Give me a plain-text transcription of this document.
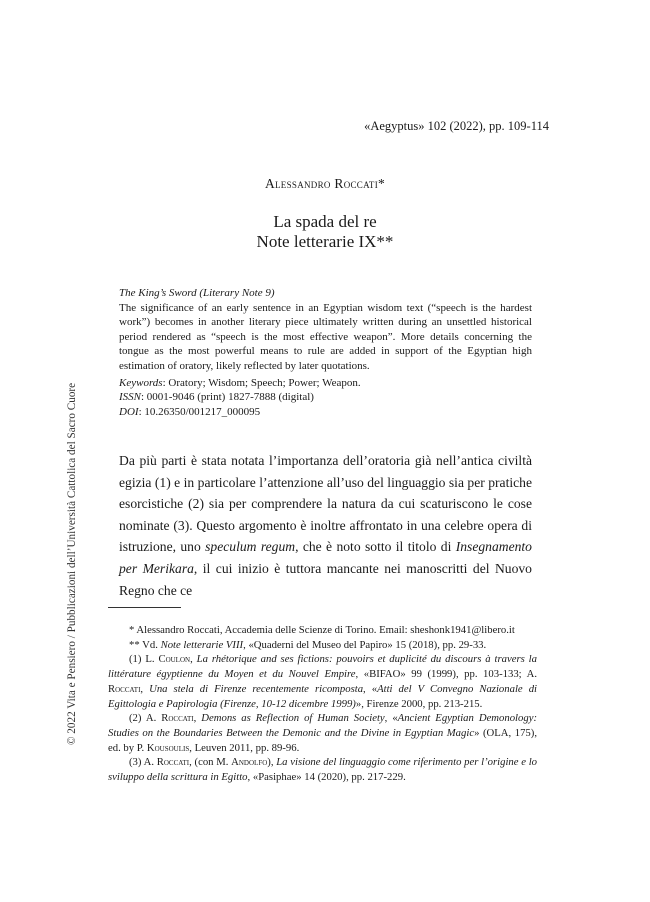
© 2022 Vita e Pensiero / Pubblicazioni dell’Università Cattolica del Sacro Cuore
«Aegyptus» 102 (2022), pp. 109-114
Alessandro Roccati*
La spada del re
Note letterarie IX**
The King’s Sword (Literary Note 9)
The significance of an early sentence in an Egyptian wisdom text (“speech is the hardest work”) becomes in another literary piece ultimately written during an unsettled historical period rendered as “speech is the most effective weapon”. More details concerning the tongue as the most powerful means to rule are added in support of the Egyptian high estimation of oratory, likely reflected by later quotations.
Keywords: Oratory; Wisdom; Speech; Power; Weapon.
ISSN: 0001-9046 (print) 1827-7888 (digital)
DOI: 10.26350/001217_000095
Da più parti è stata notata l’importanza dell’oratoria già nell’antica civiltà egizia (1) e in particolare l’attenzione all’uso del linguaggio sia per pratiche esorcistiche (2) sia per comprendere la natura da cui scaturiscono le cose nominate (3). Questo argomento è inoltre affrontato in una celebre opera di istruzione, uno speculum regum, che è noto sotto il titolo di Insegnamento per Merikara, il cui inizio è tuttora mancante nei manoscritti del Nuovo Regno che ce

* Alessandro Roccati, Accademia delle Scienze di Torino. Email: sheshonk1941@libero.it

** Vd. Note letterarie VIII, «Quaderni del Museo del Papiro» 15 (2018), pp. 29-33.

(1) L. Coulon, La rhétorique and ses fictions: pouvoirs et duplicité du discours à travers la littérature égyptienne du Moyen et du Nouvel Empire, «BIFAO» 99 (1999), pp. 103-133; A. Roccati, Una stela di Firenze recentemente ricomposta, «Atti del V Convegno Nazionale di Egittologia e Papirologia (Firenze, 10-12 dicembre 1999)», Firenze 2000, pp. 213-215.

(2) A. Roccati, Demons as Reflection of Human Society, «Ancient Egyptian Demonology: Studies on the Boundaries Between the Demonic and the Divine in Egyptian Magic» (OLA, 175), ed. by P. Kousoulis, Leuven 2011, pp. 89-96.

(3) A. Roccati, (con M. Andolfo), La visione del linguaggio come riferimento per l’origine e lo sviluppo della scrittura in Egitto, «Pasiphae» 14 (2020), pp. 217-229.
